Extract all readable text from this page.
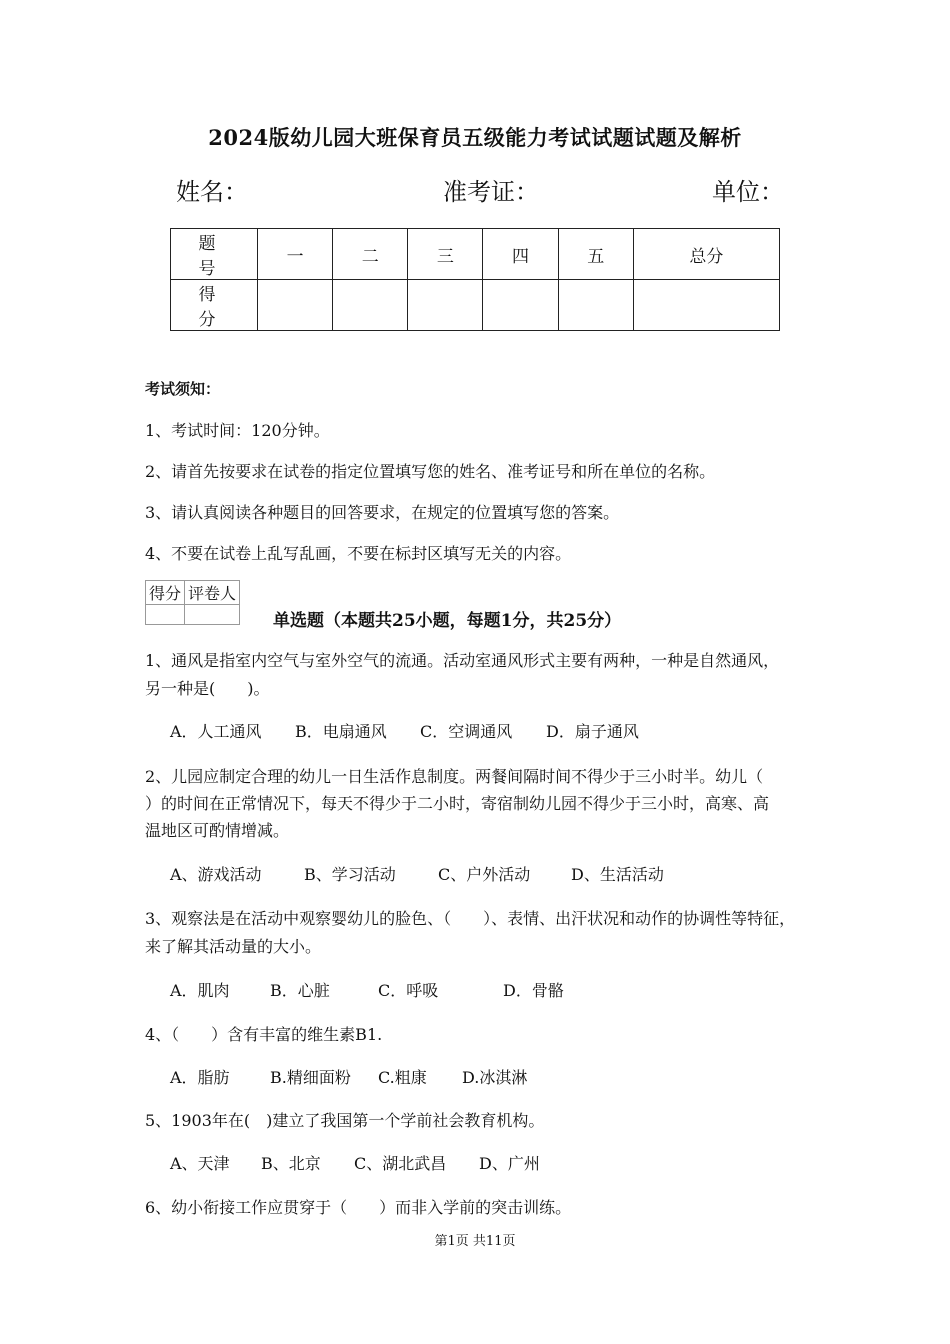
2024版幼儿园大班保育员五级能力考试试题试题及解析
姓名：	准考证：	单位：
题　号	一	二	三	四	五	总分
得　分						
考试须知：
1、考试时间：120分钟。
2、请首先按要求在试卷的指定位置填写您的姓名、准考证号和所在单位的名称。
3、请认真阅读各种题目的回答要求，在规定的位置填写您的答案。
4、不要在试卷上乱写乱画，不要在标封区填写无关的内容。
得分	评卷人

单选题（本题共25小题，每题1分，共25分）
1、通风是指室内空气与室外空气的流通。活动室通风形式主要有两种，一种是自然通风，
另一种是(　　)。
A．人工通风 B．电扇通风 C．空调通风 D．扇子通风
2、儿园应制定合理的幼儿一日生活作息制度。两餐间隔时间不得少于三小时半。幼儿（
）的时间在正常情况下，每天不得少于二小时，寄宿制幼儿园不得少于三小时，高寒、高
温地区可酌情增减。
A、游戏活动	B、学习活动	C、户外活动	D、生活活动
3、观察法是在活动中观察婴幼儿的脸色、（　　）、表情、出汗状况和动作的协调性等特征，
来了解其活动量的大小。
A．肌肉	B．心脏	C．呼吸	D．骨骼
4、（　　）含有丰富的维生素B1.
A．脂肪	B.精细面粉 C.粗康 D.冰淇淋
5、1903年在(　)建立了我国第一个学前社会教育机构。
A、天津 B、北京 C、湖北武昌 D、广州
6、幼小衔接工作应贯穿于（　　）而非入学前的突击训练。
第1页 共11页
